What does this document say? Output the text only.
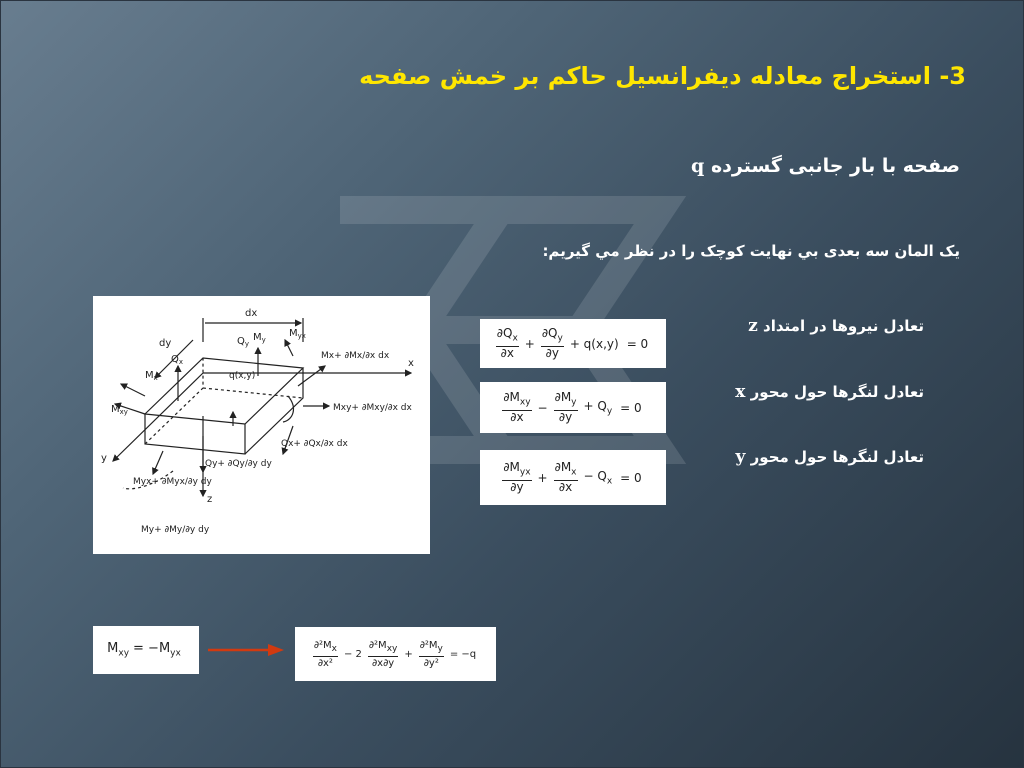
3- استخراج معادله ديفرانسيل حاكم بر خمش صفحه
صفحه با بار جانبی گسترده q
یک المان سه بعدی بي نهايت کوچک را در نظر مي گيريم:
dx
dy
x
y
z
$Q_x$
$Q_y$
$M_y$
$M_{yx}$
$M_x$
$M_{xy}$
q(x,y)
Mx+ ∂Mx/∂x dx
Mxy+ ∂Mxy/∂x dx
Qx+ ∂Qx/∂x dx
Myx+ ∂Myx/∂y dy
Qy+ ∂Qy/∂y dy
My+ ∂My/∂y dy
$\frac{\partial Q_x}{\partial x} + \frac{\partial Q_y}{\partial y} + q(x,y) = 0$
تعادل نیروها در امتداد z
$\frac{\partial M_{xy}}{\partial x} - \frac{\partial M_y}{\partial y} + Q_y = 0$
تعادل لنگرها حول محور x
$\frac{\partial M_{yx}}{\partial y} + \frac{\partial M_x}{\partial x} - Q_x = 0$
تعادل لنگرها حول محور y
$M_{xy} = -M_{yx}$	$\frac{\partial^2M_x}{\text{∂x²}} - 2 \frac{\partial^2M_{xy}}{\partial x\partial y} + \frac{\partial^2M_y}{\text{∂y²}} = -q$
